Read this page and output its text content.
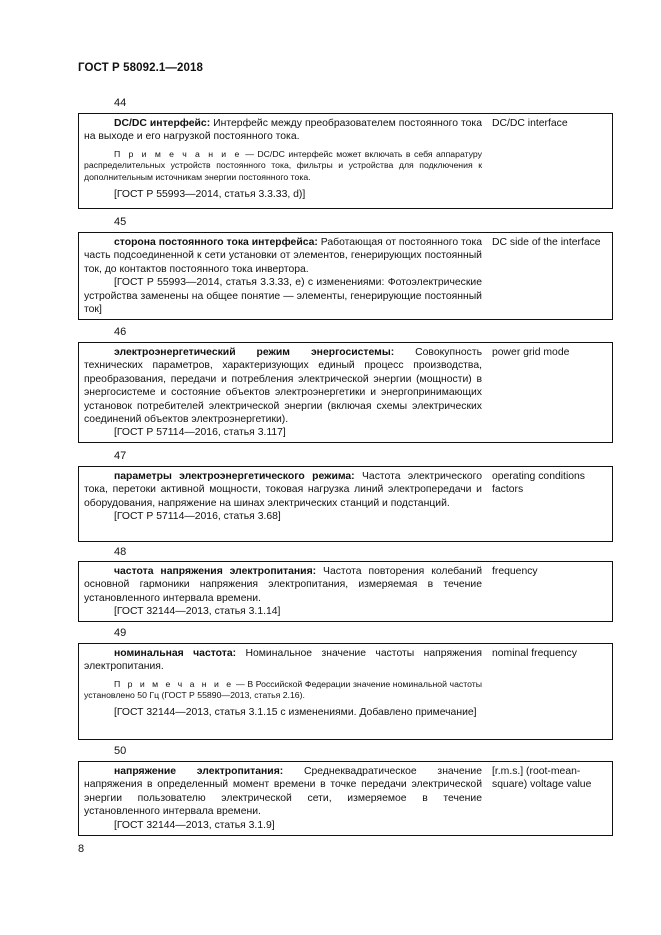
ГОСТ Р 58092.1—2018
44

DC/DC интерфейс: Интерфейс между преобразователем постоянного тока на выходе и его нагрузкой постоянного тока.

П р и м е ч а н и е — DC/DC интерфейс может включать в себя аппаратуру распределительных устройств постоянного тока, фильтры и устройства для подключения к дополнительным источникам энергии постоянного тока.

[ГОСТ Р 55993—2014, статья 3.3.33, d)]

DC/DC interface
45

сторона постоянного тока интерфейса: Работающая от постоянного тока часть подсоединенной к сети установки от элементов, генерирующих постоянный ток, до контактов постоянного тока инвертора.

[ГОСТ Р 55993—2014, статья 3.3.33, е) с изменениями: Фотоэлектрические устройства заменены на общее понятие — элементы, генерирующие постоянный ток]

DC side of the interface
46

электроэнергетический режим энергосистемы: Совокупность технических параметров, характеризующих единый процесс производства, преобразования, передачи и потребления электрической энергии (мощности) в энергосистеме и состояние объектов электроэнергетики и энергопринимающих установок потребителей электрической энергии (включая схемы электрических соединений объектов электроэнергетики).

[ГОСТ Р 57114—2016, статья 3.117]

power grid mode
47

параметры электроэнергетического режима: Частота электрического тока, перетоки активной мощности, токовая нагрузка линий электропередачи и оборудования, напряжение на шинах электрических станций и подстанций.

[ГОСТ Р 57114—2016, статья 3.68]

operating conditions factors
48

частота напряжения электропитания: Частота повторения колебаний основной гармоники напряжения электропитания, измеряемая в течение установленного интервала времени.

[ГОСТ 32144—2013, статья 3.1.14]

frequency
49

номинальная частота: Номинальное значение частоты напряжения электропитания.

П р и м е ч а н и е — В Российской Федерации значение номинальной частоты установлено 50 Гц (ГОСТ Р 55890—2013, статья 2.16).

[ГОСТ 32144—2013, статья 3.1.15 с изменениями. Добавлено примечание]

nominal frequency
50

напряжение электропитания: Среднеквадратическое значение напряжения в определенный момент времени в точке передачи электрической энергии пользователю электрической сети, измеряемое в течение установленного интервала времени.

[ГОСТ 32144—2013, статья 3.1.9]

[r.m.s.] (root-mean-square) voltage value
8
